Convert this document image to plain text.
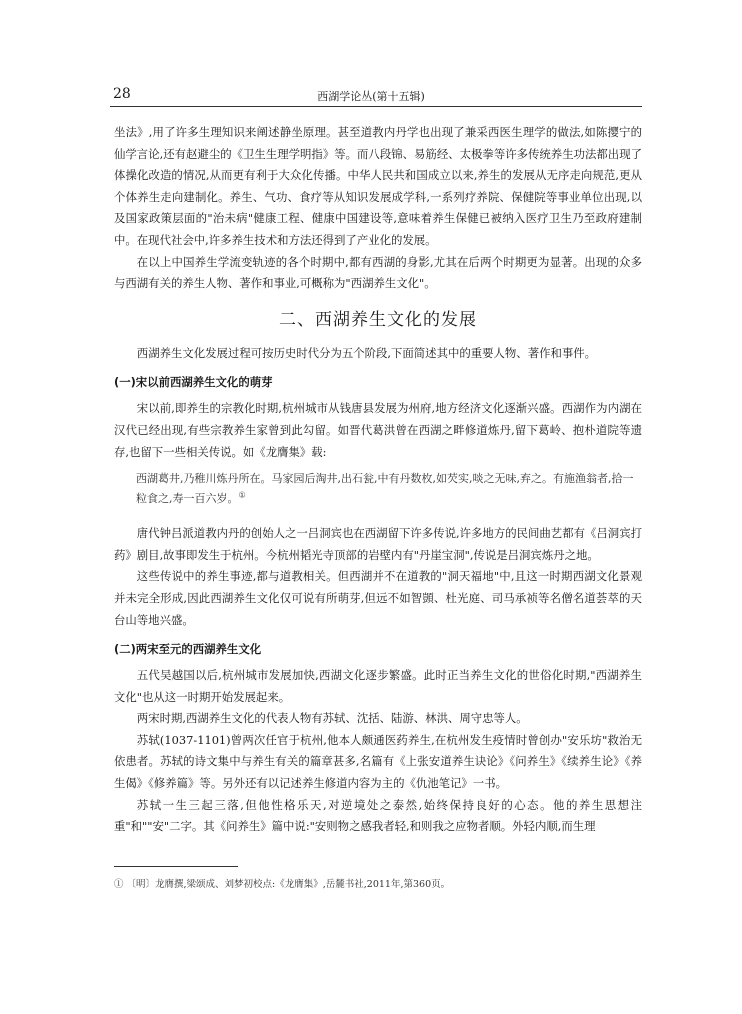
28	西湖学论丛(第十五辑)

坐法》,用了许多生理知识来阐述静坐原理。甚至道教内丹学也出现了兼采西医生理学的做法,如陈撄宁的仙学言论,还有赵避尘的《卫生生理学明指》等。而八段锦、易筋经、太极拳等许多传统养生功法都出现了体操化改造的情况,从而更有利于大众化传播。中华人民共和国成立以来,养生的发展从无序走向规范,更从个体养生走向建制化。养生、气功、食疗等从知识发展成学科,一系列疗养院、保健院等事业单位出现,以及国家政策层面的"治未病"健康工程、健康中国建设等,意味着养生保健已被纳入医疗卫生乃至政府建制中。在现代社会中,许多养生技术和方法还得到了产业化的发展。

在以上中国养生学流变轨迹的各个时期中,都有西湖的身影,尤其在后两个时期更为显著。出现的众多与西湖有关的养生人物、著作和事业,可概称为"西湖养生文化"。

二、西湖养生文化的发展

西湖养生文化发展过程可按历史时代分为五个阶段,下面简述其中的重要人物、著作和事件。

(一)宋以前西湖养生文化的萌芽

宋以前,即养生的宗教化时期,杭州城市从钱唐县发展为州府,地方经济文化逐渐兴盛。西湖作为内湖在汉代已经出现,有些宗教养生家曾到此勾留。如晋代葛洪曾在西湖之畔修道炼丹,留下葛岭、抱朴道院等遗存,也留下一些相关传说。如《龙膺集》载:

西湖葛井,乃稚川炼丹所在。马家园后淘井,出石瓮,中有丹数枚,如芡实,啖之无味,弃之。有施渔翁者,拾一粒食之,寿一百六岁。①

唐代钟吕派道教内丹的创始人之一吕洞宾也在西湖留下许多传说,许多地方的民间曲艺都有《吕洞宾打药》剧目,故事即发生于杭州。今杭州韬光寺顶部的岩壁内有"丹崖宝洞",传说是吕洞宾炼丹之地。

这些传说中的养生事迹,都与道教相关。但西湖并不在道教的"洞天福地"中,且这一时期西湖文化景观并未完全形成,因此西湖养生文化仅可说有所萌芽,但远不如智顗、杜光庭、司马承祯等名僧名道荟萃的天台山等地兴盛。

(二)两宋至元的西湖养生文化

五代吴越国以后,杭州城市发展加快,西湖文化逐步繁盛。此时正当养生文化的世俗化时期,"西湖养生文化"也从这一时期开始发展起来。

两宋时期,西湖养生文化的代表人物有苏轼、沈括、陆游、林洪、周守忠等人。

苏轼(1037-1101)曾两次任官于杭州,他本人颇通医药养生,在杭州发生疫情时曾创办"安乐坊"救治无依患者。苏轼的诗文集中与养生有关的篇章甚多,名篇有《上张安道养生诀论》《问养生》《续养生论》《养生偈》《修养篇》等。另外还有以记述养生修道内容为主的《仇池笔记》一书。

苏轼一生三起三落,但他性格乐天,对逆境处之泰然,始终保持良好的心态。他的养生思想注重"和""安"二字。其《问养生》篇中说:"安则物之感我者轻,和则我之应物者顺。外轻内顺,而生理

① 〔明〕龙膺撰,梁颂成、刘梦初校点:《龙膺集》,岳麓书社,2011年,第360页。
